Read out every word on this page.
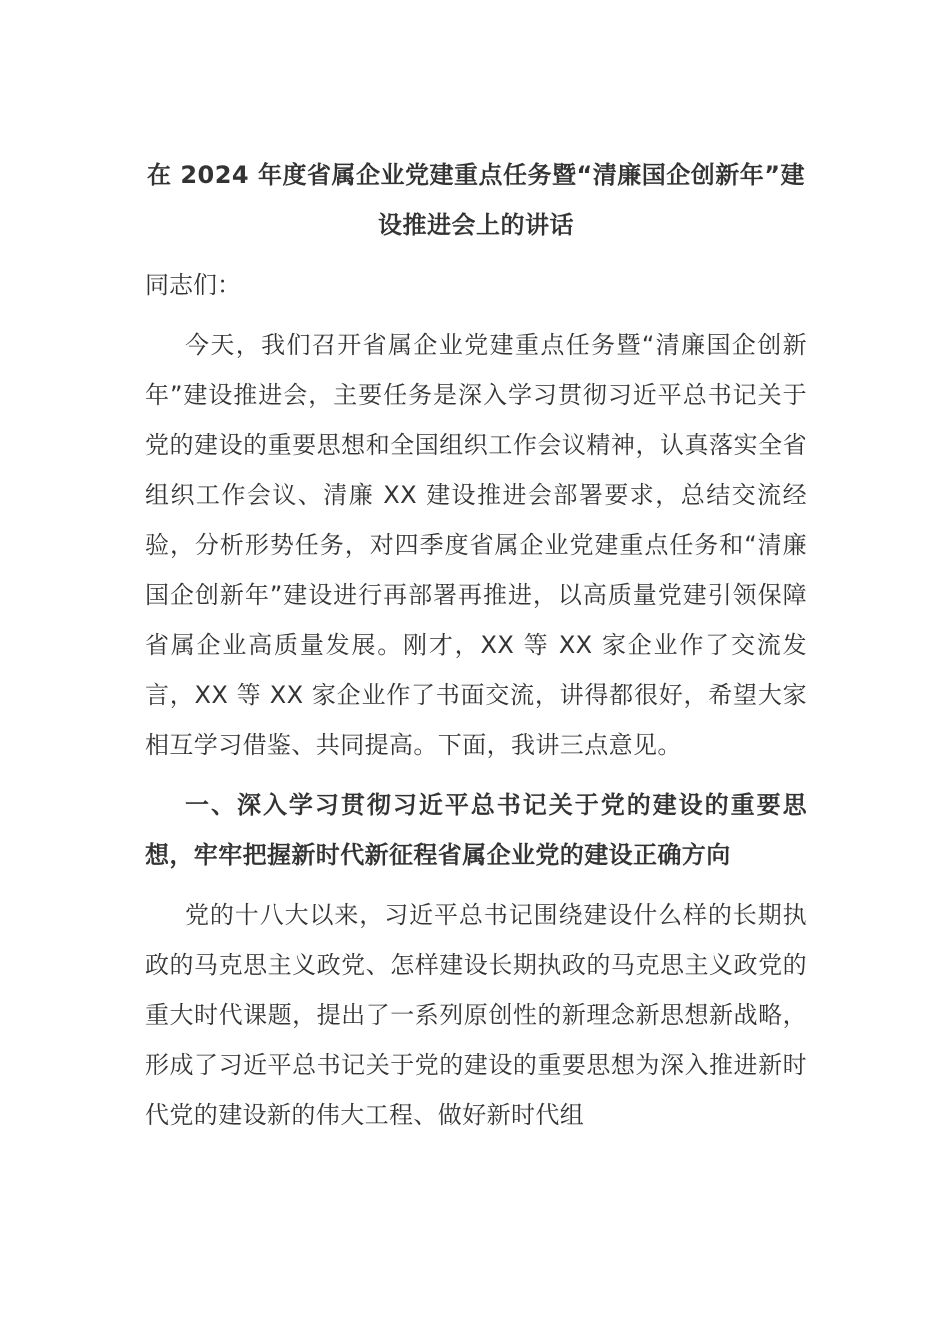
在 2024 年度省属企业党建重点任务暨“清廉国企创新年”建设推进会上的讲话

同志们：

今天，我们召开省属企业党建重点任务暨“清廉国企创新年”建设推进会，主要任务是深入学习贯彻习近平总书记关于党的建设的重要思想和全国组织工作会议精神，认真落实全省组织工作会议、清廉 XX 建设推进会部署要求，总结交流经验，分析形势任务，对四季度省属企业党建重点任务和“清廉国企创新年”建设进行再部署再推进，以高质量党建引领保障省属企业高质量发展。刚才，XX 等 XX 家企业作了交流发言，XX 等 XX 家企业作了书面交流，讲得都很好，希望大家相互学习借鉴、共同提高。下面，我讲三点意见。

一、深入学习贯彻习近平总书记关于党的建设的重要思想，牢牢把握新时代新征程省属企业党的建设正确方向

党的十八大以来，习近平总书记围绕建设什么样的长期执政的马克思主义政党、怎样建设长期执政的马克思主义政党的重大时代课题，提出了一系列原创性的新理念新思想新战略，形成了习近平总书记关于党的建设的重要思想为深入推进新时代党的建设新的伟大工程、做好新时代组
